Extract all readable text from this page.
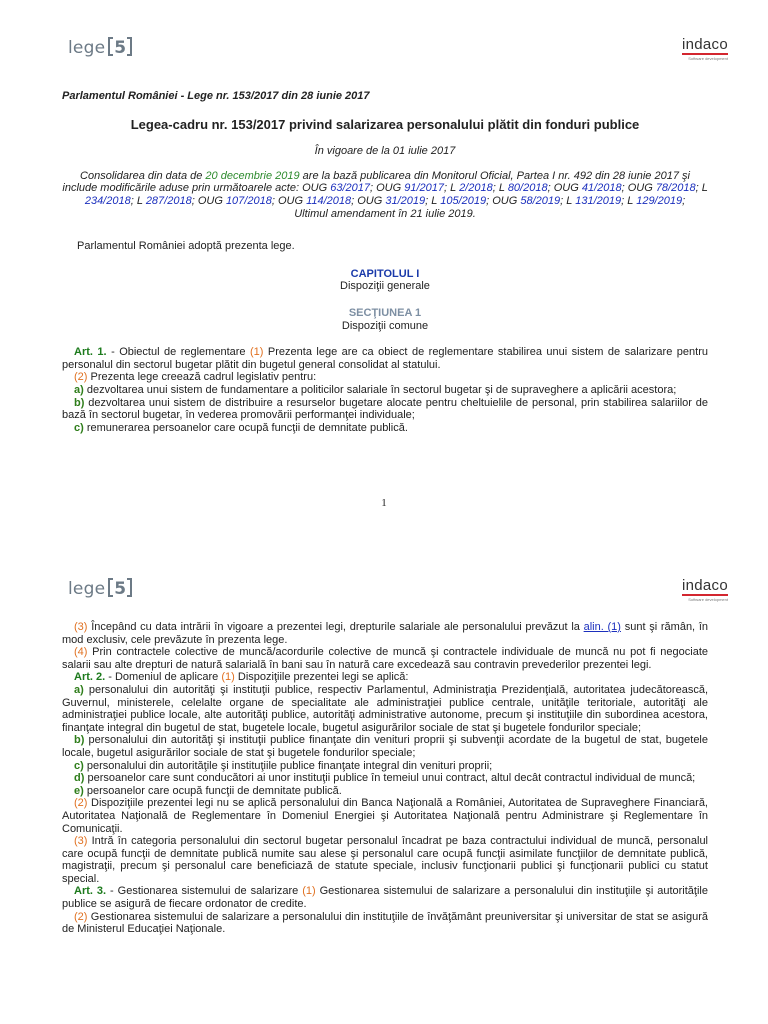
lege 5	indaco
Software development
Parlamentul României - Lege nr. 153/2017 din 28 iunie 2017
Legea-cadru nr. 153/2017 privind salarizarea personalului plătit din fonduri publice
În vigoare de la 01 iulie 2017
Consolidarea din data de 20 decembrie 2019 are la bază publicarea din Monitorul Oficial, Partea I nr. 492 din 28 iunie 2017 şi include modificările aduse prin următoarele acte: OUG 63/2017; OUG 91/2017; L 2/2018; L 80/2018; OUG 41/2018; OUG 78/2018; L 234/2018; L 287/2018; OUG 107/2018; OUG 114/2018; OUG 31/2019; L 105/2019; OUG 58/2019; L 131/2019; L 129/2019;
Ultimul amendament în 21 iulie 2019.
Parlamentul României adoptă prezenta lege.
CAPITOLUL I
Dispoziţii generale
SECŢIUNEA 1
Dispoziţii comune
Art. 1. - Obiectul de reglementare (1) Prezenta lege are ca obiect de reglementare stabilirea unui sistem de salarizare pentru personalul din sectorul bugetar plătit din bugetul general consolidat al statului.
(2) Prezenta lege creează cadrul legislativ pentru:
a) dezvoltarea unui sistem de fundamentare a politicilor salariale în sectorul bugetar şi de supraveghere a aplicării acestora;
b) dezvoltarea unui sistem de distribuire a resurselor bugetare alocate pentru cheltuielile de personal, prin stabilirea salariilor de bază în sectorul bugetar, în vederea promovării performanţei individuale;
c) remunerarea persoanelor care ocupă funcţii de demnitate publică.
1
lege 5	indaco
Software development
(3) Începând cu data intrării în vigoare a prezentei legi, drepturile salariale ale personalului prevăzut la alin. (1) sunt şi rămân, în mod exclusiv, cele prevăzute în prezenta lege.
(4) Prin contractele colective de muncă/acordurile colective de muncă şi contractele individuale de muncă nu pot fi negociate salarii sau alte drepturi de natură salarială în bani sau în natură care excedează sau contravin prevederilor prezentei legi.
Art. 2. - Domeniul de aplicare (1) Dispoziţiile prezentei legi se aplică:
a) personalului din autorităţi şi instituţii publice, respectiv Parlamentul, Administraţia Prezidenţială, autoritatea judecătorească, Guvernul, ministerele, celelalte organe de specialitate ale administraţiei publice centrale, unităţile teritoriale, autorităţi ale administraţiei publice locale, alte autorităţi publice, autorităţi administrative autonome, precum şi instituţiile din subordinea acestora, finanţate integral din bugetul de stat, bugetele locale, bugetul asigurărilor sociale de stat şi bugetele fondurilor speciale;
b) personalului din autorităţi şi instituţii publice finanţate din venituri proprii şi subvenţii acordate de la bugetul de stat, bugetele locale, bugetul asigurărilor sociale de stat şi bugetele fondurilor speciale;
c) personalului din autorităţile şi instituţiile publice finanţate integral din venituri proprii;
d) persoanelor care sunt conducători ai unor instituţii publice în temeiul unui contract, altul decât contractul individual de muncă;
e) persoanelor care ocupă funcţii de demnitate publică.
(2) Dispoziţiile prezentei legi nu se aplică personalului din Banca Naţională a României, Autoritatea de Supraveghere Financiară, Autoritatea Naţională de Reglementare în Domeniul Energiei şi Autoritatea Naţională pentru Administrare şi Reglementare în Comunicaţii.
(3) Intră în categoria personalului din sectorul bugetar personalul încadrat pe baza contractului individual de muncă, personalul care ocupă funcţii de demnitate publică numite sau alese şi personalul care ocupă funcţii asimilate funcţiilor de demnitate publică, magistraţii, precum şi personalul care beneficiază de statute speciale, inclusiv funcţionarii publici şi funcţionarii publici cu statut special.
Art. 3. - Gestionarea sistemului de salarizare (1) Gestionarea sistemului de salarizare a personalului din instituţiile şi autorităţile publice se asigură de fiecare ordonator de credite.
(2) Gestionarea sistemului de salarizare a personalului din instituţiile de învăţământ preuniversitar şi universitar de stat se asigură de Ministerul Educaţiei Naţionale.
